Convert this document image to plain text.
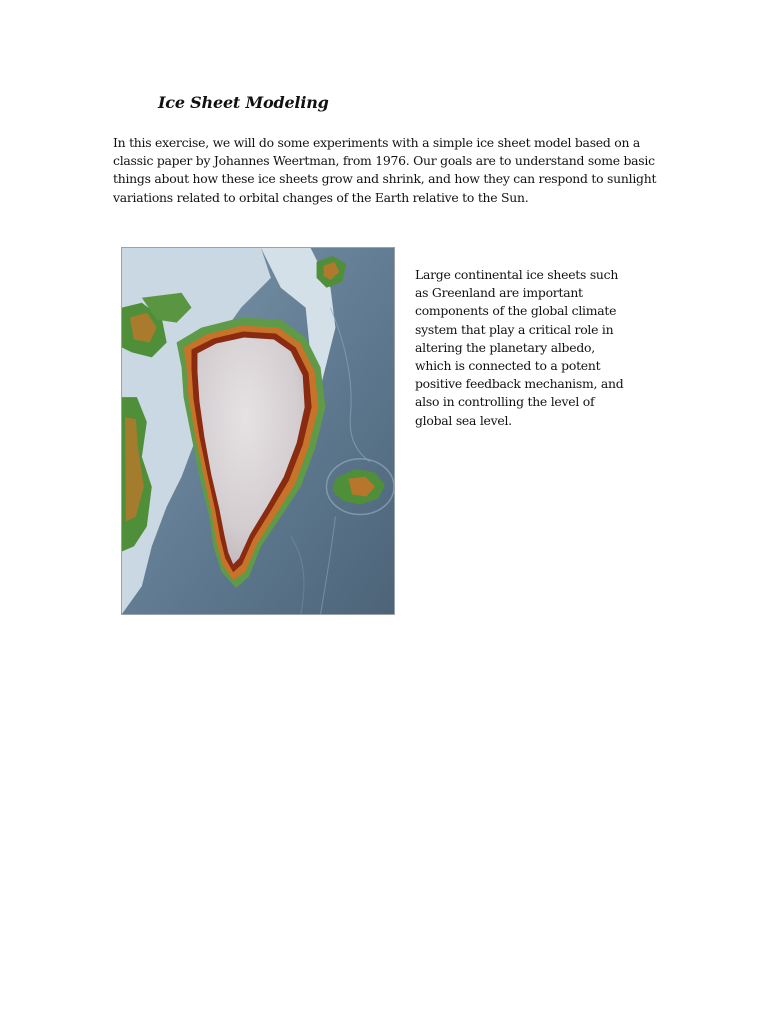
Ice Sheet Modeling

In this exercise, we will do some experiments with a simple ice sheet model based on a classic paper by Johannes Weertman, from 1976. Our goals are to understand some basic things about how these ice sheets grow and shrink, and how they can respond to sunlight variations related to orbital changes of the Earth relative to the Sun.

Large continental ice sheets such as Greenland are important components of the global climate system that play a critical role in altering the planetary albedo, which is connected to a potent positive feedback mechanism, and also in controlling the level of global sea level.
